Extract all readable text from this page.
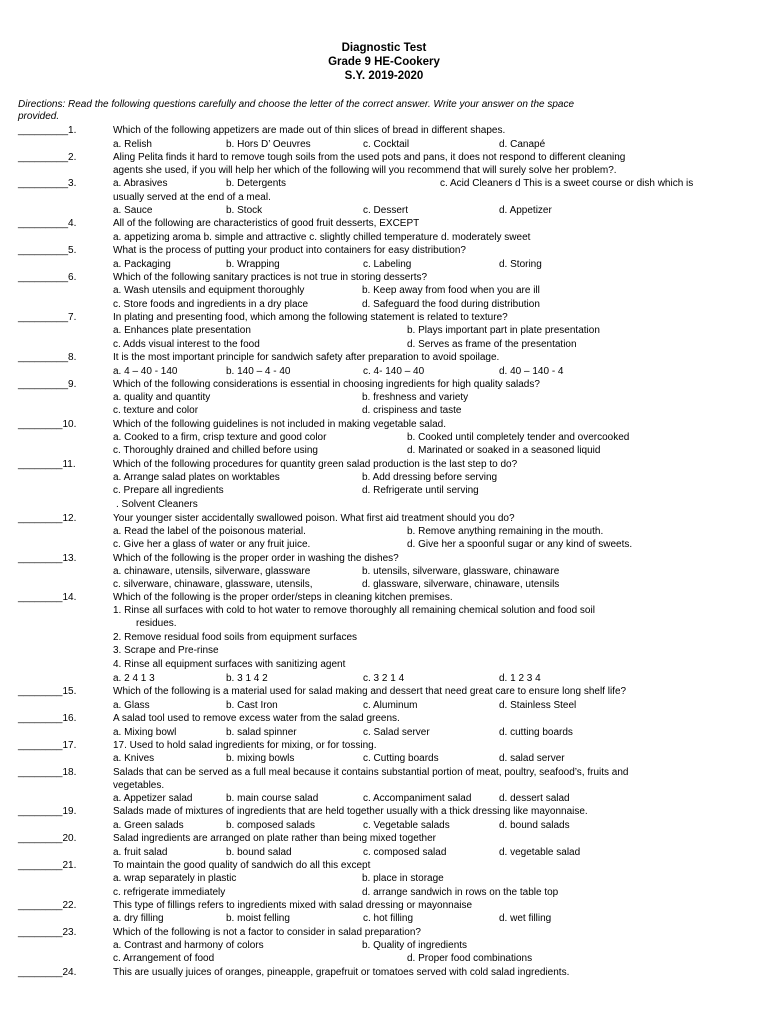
Diagnostic Test
Grade 9 HE-Cookery
S.Y. 2019-2020
Directions: Read the following questions carefully and choose the letter of the correct answer. Write your answer on the space
provided.
_________1.	Which of the following appetizers are made out of thin slices of bread in different shapes.
a. Relish	b. Hors D’ Oeuvres	c. Cocktail	d. Canapé
_________2.	Aling Pelita finds it hard to remove tough soils from the used pots and pans, it does not respond to different cleaning
agents she used, if you will help her which of the following will you recommend that will surely solve her problem?.
_________3.	a. Abrasives	b. Detergents	c. Acid Cleaners d This is a sweet course or dish which is
usually served at the end of a meal.
a. Sauce	b. Stock	c. Dessert	d. Appetizer
_________4.	All of the following are characteristics of good fruit desserts, EXCEPT
a. appetizing aroma b. simple and attractive c. slightly chilled temperature d. moderately sweet
_________5.	What is the process of putting your product into containers for easy distribution?
a. Packaging	b. Wrapping	c. Labeling	d. Storing
_________6.	Which of the following sanitary practices is not true in storing desserts?
a. Wash utensils and equipment thoroughly	b. Keep away from food when you are ill
c. Store foods and ingredients in a dry place	d. Safeguard the food during distribution
_________7.	In plating and presenting food, which among the following statement is related to texture?
a. Enhances plate presentation	b. Plays important part in plate presentation
c. Adds visual interest to the food	d. Serves as frame of the presentation
_________8.	It is the most important principle for sandwich safety after preparation to avoid spoilage.
a. 4 – 40 - 140	b. 140 – 4 - 40	c. 4- 140 – 40	d. 40 – 140 - 4
_________9.	Which of the following considerations is essential in choosing ingredients for high quality salads?
a. quality and quantity	b. freshness and variety
c. texture and color	d. crispiness and taste
________10.	Which of the following guidelines is not included in making vegetable salad.
a. Cooked to a firm, crisp texture and good color	b. Cooked until completely tender and overcooked
c. Thoroughly drained and chilled before using	d. Marinated or soaked in a seasoned liquid
________11.	Which of the following procedures for quantity green salad production is the last step to do?
a. Arrange salad plates on worktables	b. Add dressing before serving
c. Prepare all ingredients	d. Refrigerate until serving
. Solvent Cleaners
________12.	Your younger sister accidentally swallowed poison. What first aid treatment should you do?
a. Read the label of the poisonous material.	b. Remove anything remaining in the mouth.
c. Give her a glass of water or any fruit juice.	d. Give her a spoonful sugar or any kind of sweets.
________13.	Which of the following is the proper order in washing the dishes?
a. chinaware, utensils, silverware, glassware	b. utensils, silverware, glassware, chinaware
c. silverware, chinaware, glassware, utensils,	d. glassware, silverware, chinaware, utensils
________14.	Which of the following is the proper order/steps in cleaning kitchen premises.
1. Rinse all surfaces with cold to hot water to remove thoroughly all remaining chemical solution and food soil
residues.
2. Remove residual food soils from equipment surfaces
3. Scrape and Pre-rinse
4. Rinse all equipment surfaces with sanitizing agent
a. 2 4 1 3	b. 3 1 4 2	c. 3 2 1 4	d. 1 2 3 4
________15.	Which of the following is a material used for salad making and dessert that need great care to ensure long shelf life?
a. Glass	b. Cast Iron	c. Aluminum	d. Stainless Steel
________16.	A salad tool used to remove excess water from the salad greens.
a. Mixing bowl	b. salad spinner	c. Salad server	d. cutting boards
________17.	17. Used to hold salad ingredients for mixing, or for tossing.
a. Knives	b. mixing bowls	c. Cutting boards	d. salad server
________18.	Salads that can be served as a full meal because it contains substantial portion of meat, poultry, seafood’s, fruits and
vegetables.
a. Appetizer salad	b. main course salad	c. Accompaniment salad	d. dessert salad
________19.	Salads made of mixtures of ingredients that are held together usually with a thick dressing like mayonnaise.
a. Green salads	b. composed salads	c. Vegetable salads	d. bound salads
________20.	Salad ingredients are arranged on plate rather than being mixed together
a. fruit salad	b. bound salad	c. composed salad	d. vegetable salad
________21.	To maintain the good quality of sandwich do all this except
a. wrap separately in plastic	b. place in storage
c. refrigerate immediately	d. arrange sandwich in rows on the table top
________22.	This type of fillings refers to ingredients mixed with salad dressing or mayonnaise
a. dry filling	b. moist felling	c. hot filling	d. wet filling
________23.	Which of the following is not a factor to consider in salad preparation?
a. Contrast and harmony of colors	b. Quality of ingredients
c. Arrangement of food	d. Proper food combinations
________24.	This are usually juices of oranges, pineapple, grapefruit or tomatoes served with cold salad ingredients.
